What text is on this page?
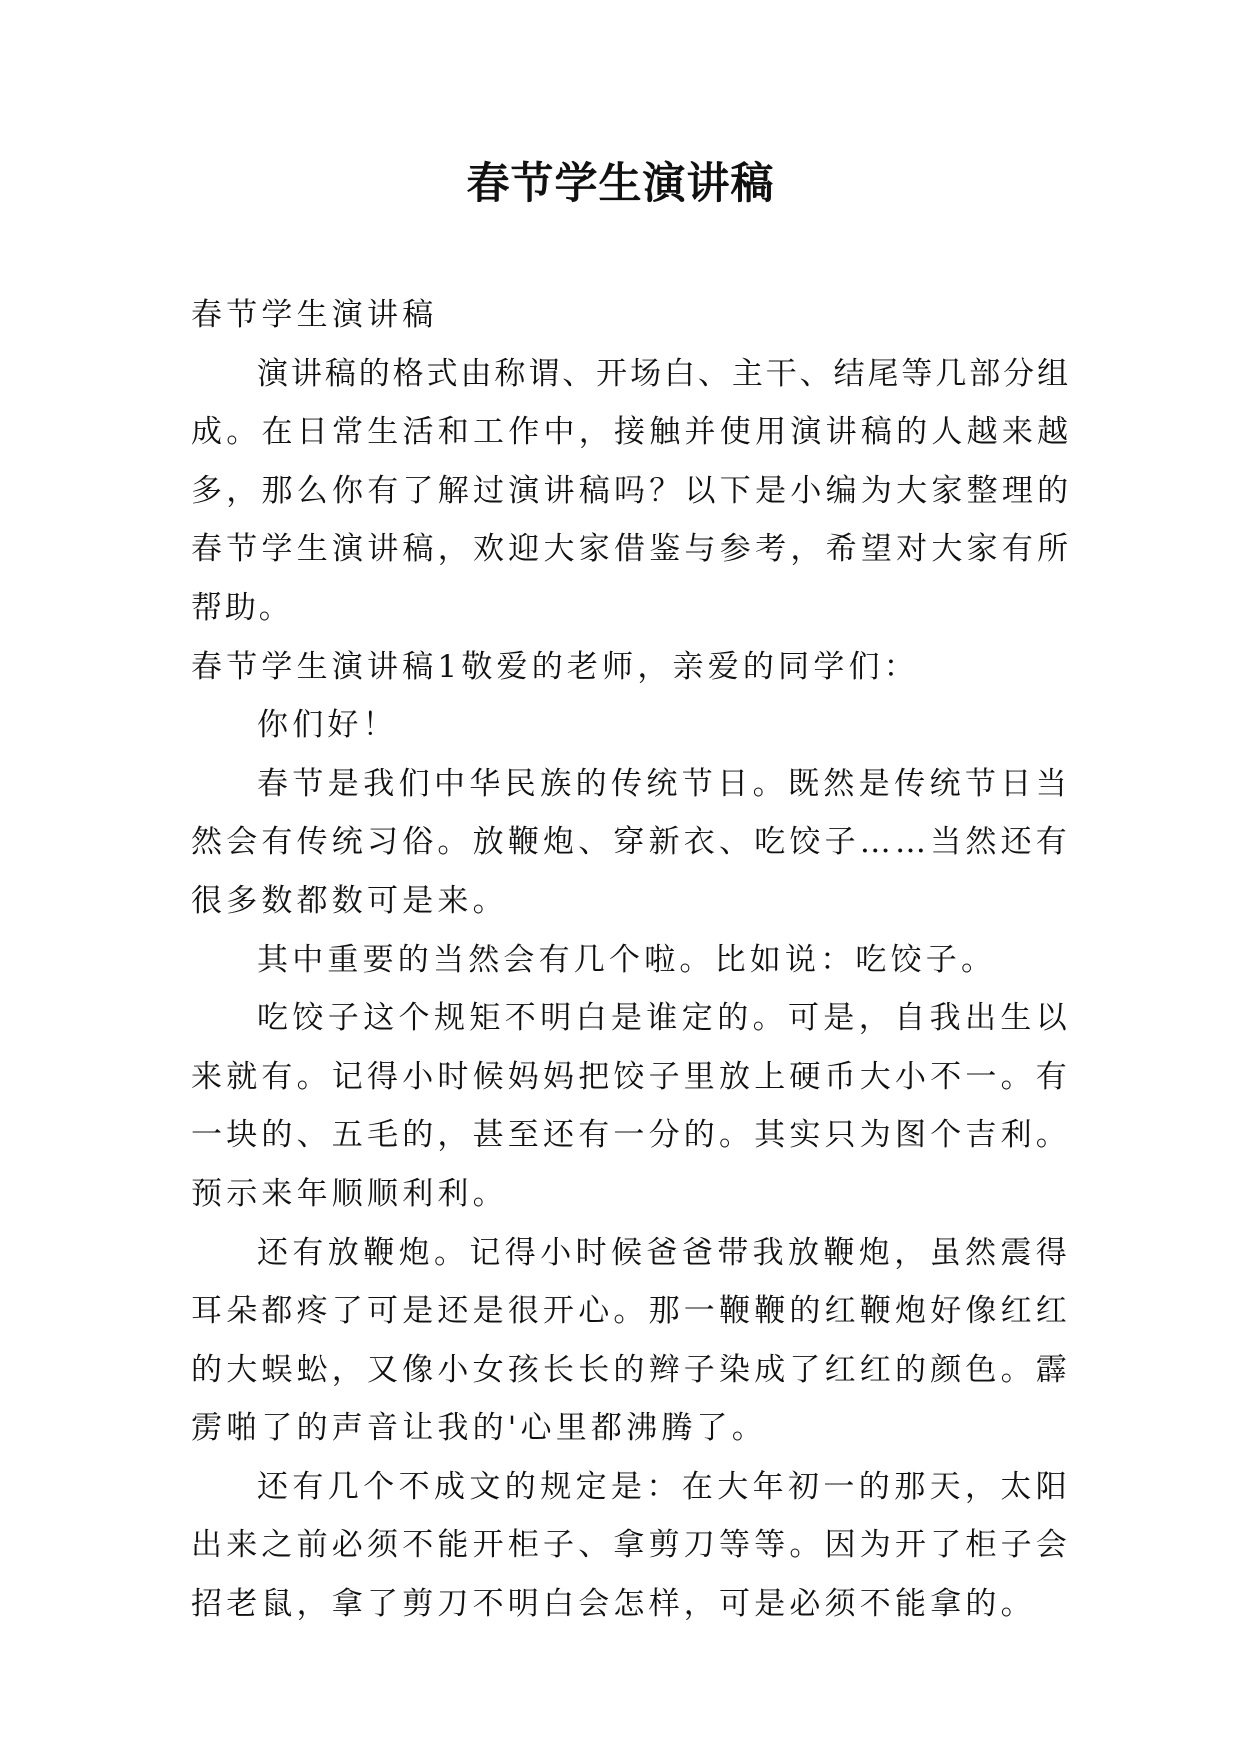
春节学生演讲稿

春节学生演讲稿

演讲稿的格式由称谓、开场白、主干、结尾等几部分组成。在日常生活和工作中，接触并使用演讲稿的人越来越多，那么你有了解过演讲稿吗？以下是小编为大家整理的春节学生演讲稿，欢迎大家借鉴与参考，希望对大家有所帮助。

春节学生演讲稿1敬爱的老师，亲爱的同学们：

你们好！

春节是我们中华民族的传统节日。既然是传统节日当然会有传统习俗。放鞭炮、穿新衣、吃饺子……当然还有很多数都数可是来。

其中重要的当然会有几个啦。比如说：吃饺子。

吃饺子这个规矩不明白是谁定的。可是，自我出生以来就有。记得小时候妈妈把饺子里放上硬币大小不一。有一块的、五毛的，甚至还有一分的。其实只为图个吉利。预示来年顺顺利利。

还有放鞭炮。记得小时候爸爸带我放鞭炮，虽然震得耳朵都疼了可是还是很开心。那一鞭鞭的红鞭炮好像红红的大蜈蚣，又像小女孩长长的辫子染成了红红的颜色。霹雳啪了的声音让我的'心里都沸腾了。

还有几个不成文的规定是：在大年初一的那天，太阳出来之前必须不能开柜子、拿剪刀等等。因为开了柜子会招老鼠，拿了剪刀不明白会怎样，可是必须不能拿的。
